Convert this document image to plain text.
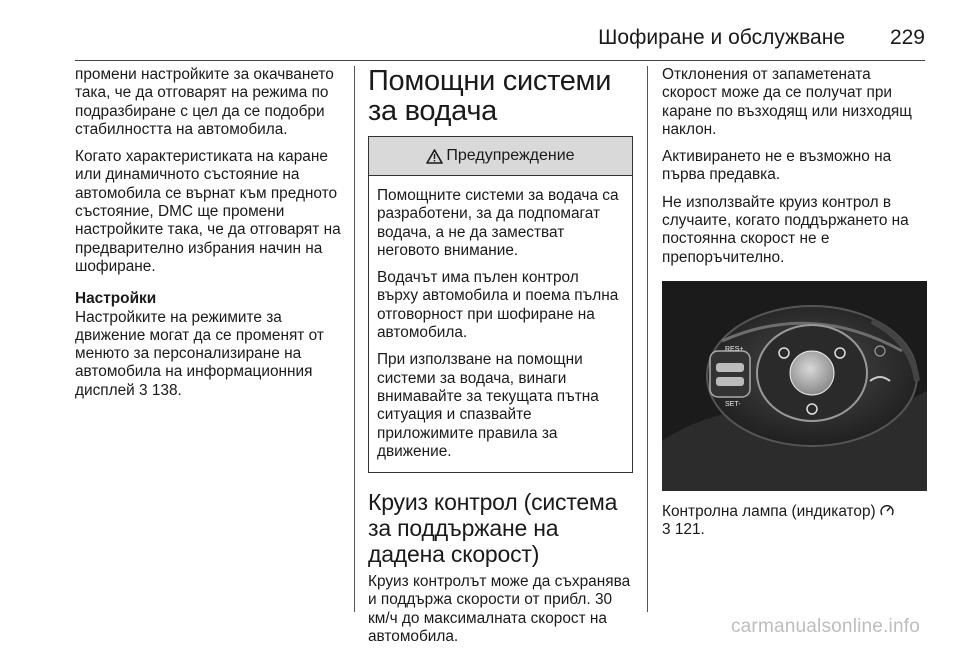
Шофиране и обслужване 229

промени настройките за окачването така, че да отговарят на режима по подразбиране с цел да се подобри стабилността на автомобила.

Когато характеристиката на каране или динамичното състояние на автомобила се върнат към предното състояние, DMC ще промени настройките така, че да отговарят на предварително избрания начин на шофиране.

Настройки

Настройките на режимите за движение могат да се променят от менюто за персонализиране на автомобила на информационния дисплей 3 138.

Помощни системи за водача
Предупреждение

Помощните системи за водача са разработени, за да подпомагат водача, а не да заместват неговото внимание.

Водачът има пълен контрол върху автомобила и поема пълна отговорност при шофиране на автомобила.

При използване на помощни системи за водача, винаги внимавайте за текущата пътна ситуация и спазвайте приложимите правила за движение.

Круиз контрол (система за поддържане на дадена скорост)

Круиз контролът може да съхранява и поддържа скорости от прибл. 30 км/ч до максималната скорост на автомобила.

Отклонения от запаметената скорост може да се получат при каране по възходящ или низходящ наклон.

Активирането не е възможно на първа предавка.

Не използвайте круиз контрол в случаите, когато поддържането на постоянна скорост не е препоръчително.

RES+
SET-

Контролна лампа (индикатор)
3 121.

carmanualsonline.info
